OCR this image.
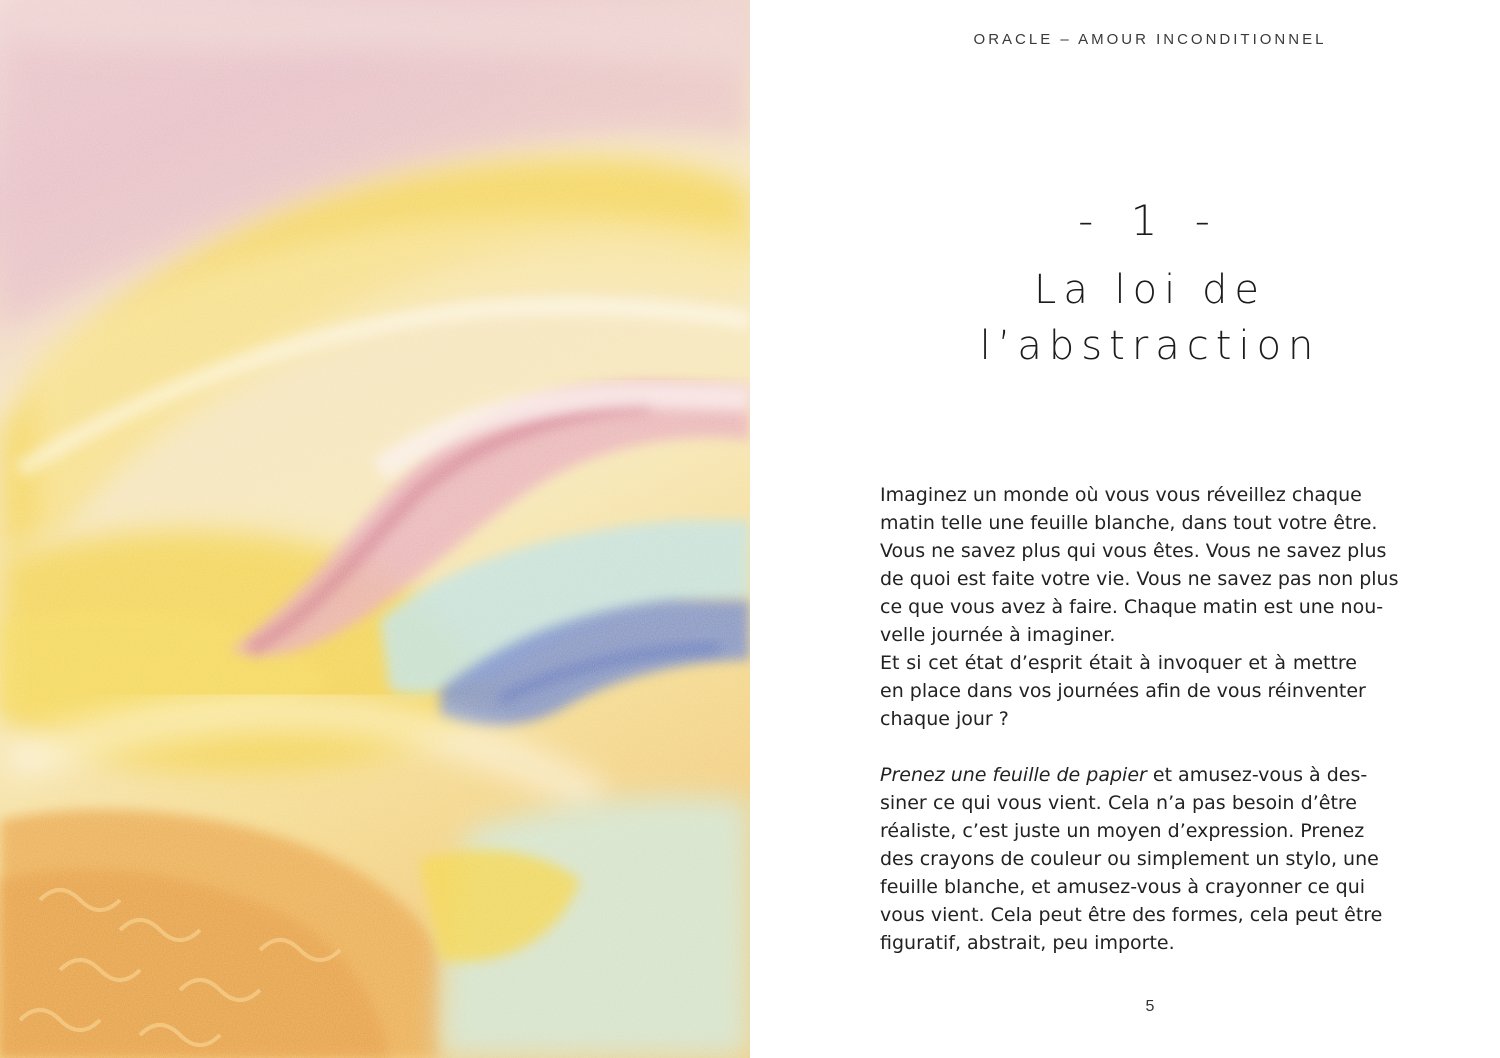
ORACLE – AMOUR INCONDITIONNEL
- 1 -
La loi de
l’abstraction

Imaginez un monde où vous vous réveillez chaque
matin telle une feuille blanche, dans tout votre être.
Vous ne savez plus qui vous êtes. Vous ne savez plus
de quoi est faite votre vie. Vous ne savez pas non plus
ce que vous avez à faire. Chaque matin est une nou-
velle journée à imaginer.

Et si cet état d’esprit était à invoquer et à mettre
en place dans vos journées afin de vous réinventer
chaque jour ?

Prenez une feuille de papier et amusez-vous à des-
siner ce qui vous vient. Cela n’a pas besoin d’être
réaliste, c’est juste un moyen d’expression. Prenez
des crayons de couleur ou simplement un stylo, une
feuille blanche, et amusez-vous à crayonner ce qui
vous vient. Cela peut être des formes, cela peut être
figuratif, abstrait, peu importe.

5
